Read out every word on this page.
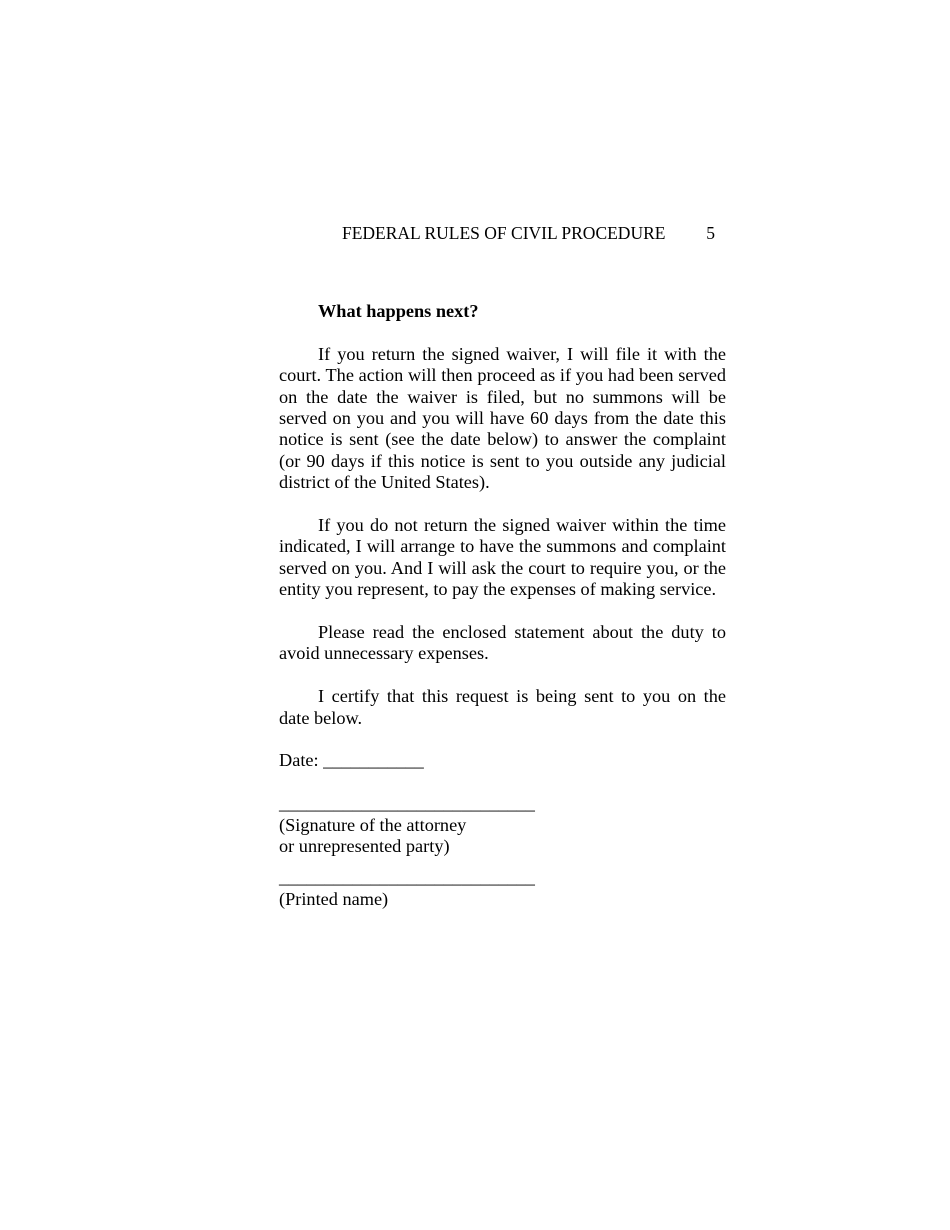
FEDERAL RULES OF CIVIL PROCEDURE 5

What happens next?

If you return the signed waiver, I will file it with the court. The action will then proceed as if you had been served on the date the waiver is filed, but no summons will be served on you and you will have 60 days from the date this notice is sent (see the date below) to answer the complaint (or 90 days if this notice is sent to you outside any judicial district of the United States).

If you do not return the signed waiver within the time indicated, I will arrange to have the summons and complaint served on you. And I will ask the court to require you, or the entity you represent, to pay the expenses of making service.

Please read the enclosed statement about the duty to avoid unnecessary expenses.

I certify that this request is being sent to you on the date below.

Date: ___________

____________________________

(Signature of the attorney

or unrepresented party)

____________________________

(Printed name)
